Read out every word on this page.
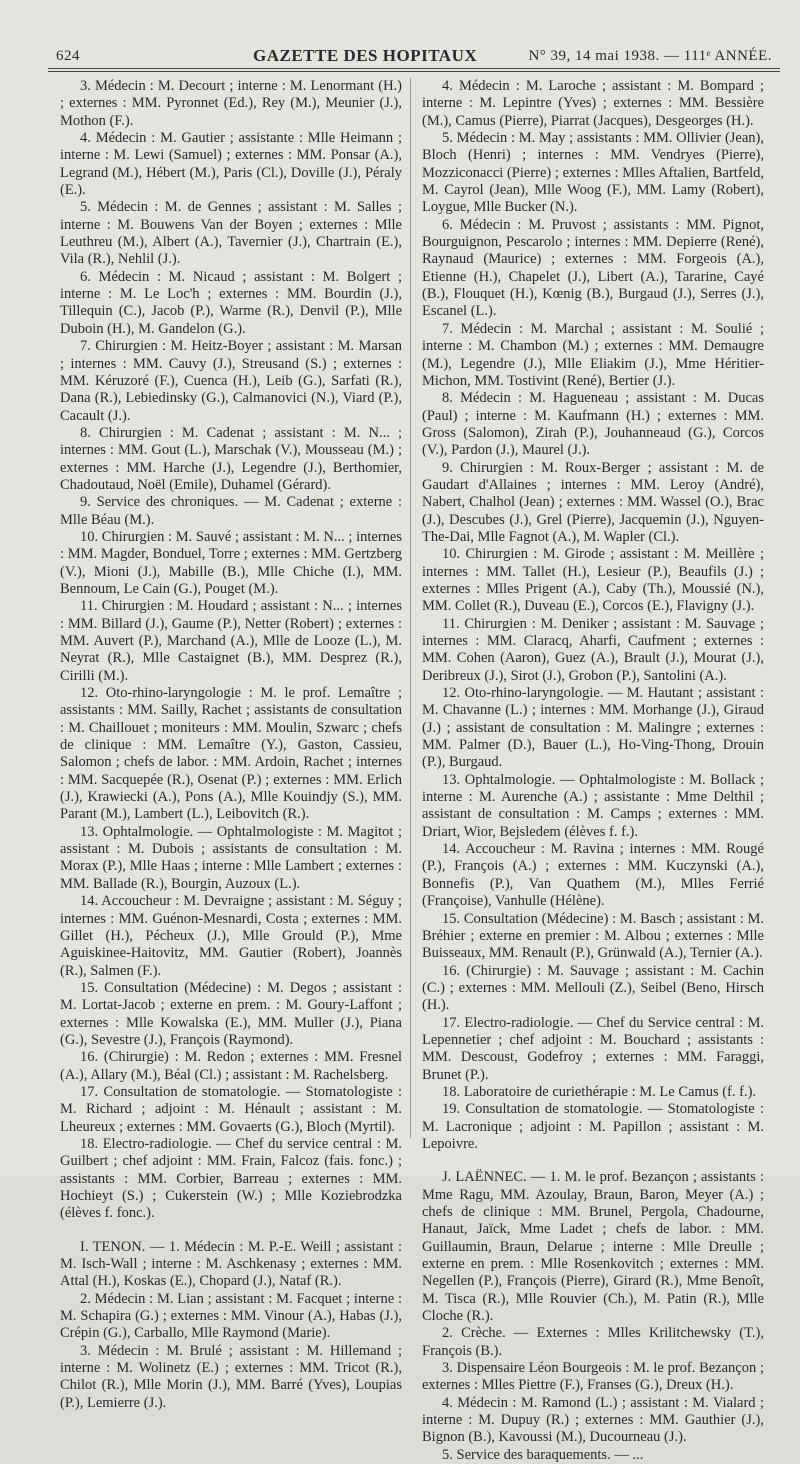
624	GAZETTE DES HOPITAUX	N° 39, 14 mai 1938. — 111ᵉ ANNÉE.

3. Médecin : M. Decourt ; interne : M. Lenormant (H.) ; externes : MM. Pyronnet (Ed.), Rey (M.), Meunier (J.), Mothon (F.).

4. Médecin : M. Gautier ; assistante : Mlle Heimann ; interne : M. Lewi (Samuel) ; externes : MM. Ponsar (A.), Legrand (M.), Hébert (M.), Paris (Cl.), Doville (J.), Péraly (E.).

5. Médecin : M. de Gennes ; assistant : M. Salles ; interne : M. Bouwens Van der Boyen ; externes : Mlle Leuthreu (M.), Albert (A.), Tavernier (J.), Chartrain (E.), Vila (R.), Nehlil (J.).

6. Médecin : M. Nicaud ; assistant : M. Bolgert ; interne : M. Le Loc'h ; externes : MM. Bourdin (J.), Tillequin (C.), Jacob (P.), Warme (R.), Denvil (P.), Mlle Duboin (H.), M. Gandelon (G.).

7. Chirurgien : M. Heitz-Boyer ; assistant : M. Marsan ; internes : MM. Cauvy (J.), Streusand (S.) ; externes : MM. Kéruzoré (F.), Cuenca (H.), Leib (G.), Sarfati (R.), Dana (R.), Lebiedinsky (G.), Calmanovici (N.), Viard (P.), Cacault (J.).

8. Chirurgien : M. Cadenat ; assistant : M. N... ; internes : MM. Gout (L.), Marschak (V.), Mousseau (M.) ; externes : MM. Harche (J.), Legendre (J.), Berthomier, Chadoutaud, Noël (Emile), Duhamel (Gérard).

9. Service des chroniques. — M. Cadenat ; externe : Mlle Béau (M.).

10. Chirurgien : M. Sauvé ; assistant : M. N... ; internes : MM. Magder, Bonduel, Torre ; externes : MM. Gertzberg (V.), Mioni (J.), Mabille (B.), Mlle Chiche (I.), MM. Bennoum, Le Cain (G.), Pouget (M.).

11. Chirurgien : M. Houdard ; assistant : N... ; internes : MM. Billard (J.), Gaume (P.), Netter (Robert) ; externes : MM. Auvert (P.), Marchand (A.), Mlle de Looze (L.), M. Neyrat (R.), Mlle Castaignet (B.), MM. Desprez (R.), Cirilli (M.).

12. Oto-rhino-laryngologie : M. le prof. Lemaître ; assistants : MM. Sailly, Rachet ; assistants de consultation : M. Chaillouet ; moniteurs : MM. Moulin, Szwarc ; chefs de clinique : MM. Lemaître (Y.), Gaston, Cassieu, Salomon ; chefs de labor. : MM. Ardoin, Rachet ; internes : MM. Sacquepée (R.), Osenat (P.) ; externes : MM. Erlich (J.), Krawiecki (A.), Pons (A.), Mlle Kouindjy (S.), MM. Parant (M.), Lambert (L.), Leibovitch (R.).

13. Ophtalmologie. — Ophtalmologiste : M. Magitot ; assistant : M. Dubois ; assistants de consultation : M. Morax (P.), Mlle Haas ; interne : Mlle Lambert ; externes : MM. Ballade (R.), Bourgin, Auzoux (L.).

14. Accoucheur : M. Devraigne ; assistant : M. Séguy ; internes : MM. Guénon-Mesnardi, Costa ; externes : MM. Gillet (H.), Pécheux (J.), Mlle Grould (P.), Mme Aguiskinee-Haitovitz, MM. Gautier (Robert), Joannès (R.), Salmen (F.).

15. Consultation (Médecine) : M. Degos ; assistant : M. Lortat-Jacob ; externe en prem. : M. Goury-Laffont ; externes : Mlle Kowalska (E.), MM. Muller (J.), Piana (G.), Sevestre (J.), François (Raymond).

16. (Chirurgie) : M. Redon ; externes : MM. Fresnel (A.), Allary (M.), Béal (Cl.) ; assistant : M. Rachelsberg.

17. Consultation de stomatologie. — Stomatologiste : M. Richard ; adjoint : M. Hénault ; assistant : M. Lheureux ; externes : MM. Govaerts (G.), Bloch (Myrtil).

18. Electro-radiologie. — Chef du service central : M. Guilbert ; chef adjoint : MM. Frain, Falcoz (fais. fonc.) ; assistants : MM. Corbier, Barreau ; externes : MM. Hochieyt (S.) ; Cukerstein (W.) ; Mlle Koziebrodzka (élèves f. fonc.).

I. TENON. — 1. Médecin : M. P.-E. Weill ; assistant : M. Isch-Wall ; interne : M. Aschkenasy ; externes : MM. Attal (H.), Koskas (E.), Chopard (J.), Nataf (R.).

2. Médecin : M. Lian ; assistant : M. Facquet ; interne : M. Schapira (G.) ; externes : MM. Vinour (A.), Habas (J.), Crépin (G.), Carballo, Mlle Raymond (Marie).

3. Médecin : M. Brulé ; assistant : M. Hillemand ; interne : M. Wolinetz (E.) ; externes : MM. Tricot (R.), Chilot (R.), Mlle Morin (J.), MM. Barré (Yves), Loupias (P.), Lemierre (J.).

4. Médecin : M. Laroche ; assistant : M. Bompard ; interne : M. Lepintre (Yves) ; externes : MM. Bessière (M.), Camus (Pierre), Piarrat (Jacques), Desgeorges (H.).

5. Médecin : M. May ; assistants : MM. Ollivier (Jean), Bloch (Henri) ; internes : MM. Vendryes (Pierre), Mozziconacci (Pierre) ; externes : Mlles Aftalien, Bartfeld, M. Cayrol (Jean), Mlle Woog (F.), MM. Lamy (Robert), Loygue, Mlle Bucker (N.).

6. Médecin : M. Pruvost ; assistants : MM. Pignot, Bourguignon, Pescarolo ; internes : MM. Depierre (René), Raynaud (Maurice) ; externes : MM. Forgeois (A.), Etienne (H.), Chapelet (J.), Libert (A.), Tararine, Cayé (B.), Flouquet (H.), Kœnig (B.), Burgaud (J.), Serres (J.), Escanel (L.).

7. Médecin : M. Marchal ; assistant : M. Soulié ; interne : M. Chambon (M.) ; externes : MM. Demaugre (M.), Legendre (J.), Mlle Eliakim (J.), Mme Héritier-Michon, MM. Tostivint (René), Bertier (J.).

8. Médecin : M. Hagueneau ; assistant : M. Ducas (Paul) ; interne : M. Kaufmann (H.) ; externes : MM. Gross (Salomon), Zirah (P.), Jouhanneaud (G.), Corcos (V.), Pardon (J.), Maurel (J.).

9. Chirurgien : M. Roux-Berger ; assistant : M. de Gaudart d'Allaines ; internes : MM. Leroy (André), Nabert, Chalhol (Jean) ; externes : MM. Wassel (O.), Brac (J.), Descubes (J.), Grel (Pierre), Jacquemin (J.), Nguyen-The-Dai, Mlle Fagnot (A.), M. Wapler (Cl.).

10. Chirurgien : M. Girode ; assistant : M. Meillère ; internes : MM. Tallet (H.), Lesieur (P.), Beaufils (J.) ; externes : Mlles Prigent (A.), Caby (Th.), Moussié (N.), MM. Collet (R.), Duveau (E.), Corcos (E.), Flavigny (J.).

11. Chirurgien : M. Deniker ; assistant : M. Sauvage ; internes : MM. Claracq, Aharfi, Caufment ; externes : MM. Cohen (Aaron), Guez (A.), Brault (J.), Mourat (J.), Deribreux (J.), Sirot (J.), Grobon (P.), Santolini (A.).

12. Oto-rhino-laryngologie. — M. Hautant ; assistant : M. Chavanne (L.) ; internes : MM. Morhange (J.), Giraud (J.) ; assistant de consultation : M. Malingre ; externes : MM. Palmer (D.), Bauer (L.), Ho-Ving-Thong, Drouin (P.), Burgaud.

13. Ophtalmologie. — Ophtalmologiste : M. Bollack ; interne : M. Aurenche (A.) ; assistante : Mme Delthil ; assistant de consultation : M. Camps ; externes : MM. Driart, Wior, Bejsledem (élèves f. f.).

14. Accoucheur : M. Ravina ; internes : MM. Rougé (P.), François (A.) ; externes : MM. Kuczynski (A.), Bonnefis (P.), Van Quathem (M.), Mlles Ferrié (Françoise), Vanhulle (Hélène).

15. Consultation (Médecine) : M. Basch ; assistant : M. Bréhier ; externe en premier : M. Albou ; externes : Mlle Buisseaux, MM. Renault (P.), Grünwald (A.), Ternier (A.).

16. (Chirurgie) : M. Sauvage ; assistant : M. Cachin (C.) ; externes : MM. Mellouli (Z.), Seibel (Beno, Hirsch (H.).

17. Electro-radiologie. — Chef du Service central : M. Lepennetier ; chef adjoint : M. Bouchard ; assistants : MM. Descoust, Godefroy ; externes : MM. Faraggi, Brunet (P.).

18. Laboratoire de curiethérapie : M. Le Camus (f. f.).

19. Consultation de stomatologie. — Stomatologiste : M. Lacronique ; adjoint : M. Papillon ; assistant : M. Lepoivre.

J. LAËNNEC. — 1. M. le prof. Bezançon ; assistants : Mme Ragu, MM. Azoulay, Braun, Baron, Meyer (A.) ; chefs de clinique : MM. Brunel, Pergola, Chadourne, Hanaut, Jaïck, Mme Ladet ; chefs de labor. : MM. Guillaumin, Braun, Delarue ; interne : Mlle Dreulle ; externe en prem. : Mlle Rosenkovitch ; externes : MM. Negellen (P.), François (Pierre), Girard (R.), Mme Benoît, M. Tisca (R.), Mlle Rouvier (Ch.), M. Patin (R.), Mlle Cloche (R.).

2. Crèche. — Externes : Mlles Krilitchewsky (T.), François (B.).

3. Dispensaire Léon Bourgeois : M. le prof. Bezançon ; externes : Mlles Piettre (F.), Franses (G.), Dreux (H.).

4. Médecin : M. Ramond (L.) ; assistant : M. Vialard ; interne : M. Dupuy (R.) ; externes : MM. Gauthier (J.), Bignon (B.), Kavoussi (M.), Ducourneau (J.).

5. Service des baraquements. — ...
